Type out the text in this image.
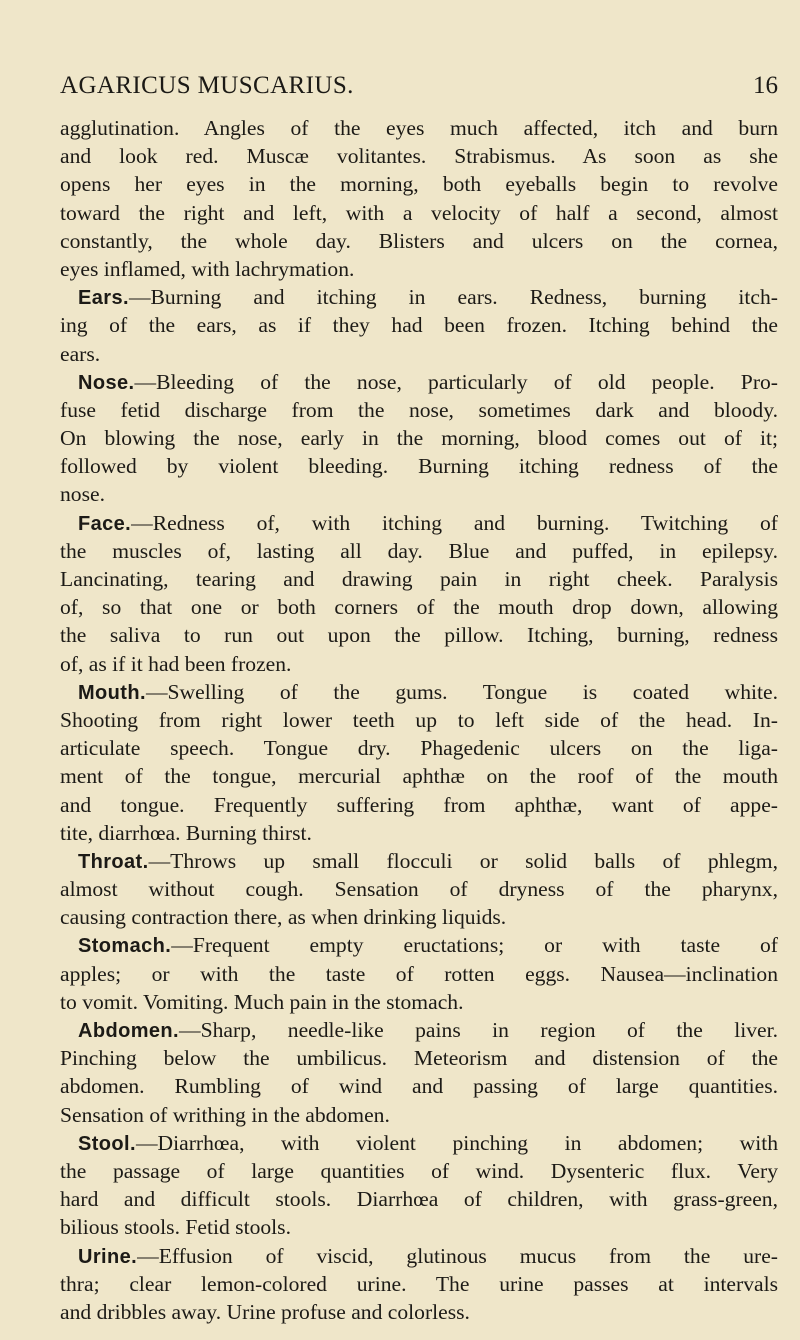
AGARICUS MUSCARIUS.	16
agglutination. Angles of the eyes much affected, itch and burn
and look red. Muscæ volitantes. Strabismus. As soon as she
opens her eyes in the morning, both eyeballs begin to revolve
toward the right and left, with a velocity of half a second, almost
constantly, the whole day. Blisters and ulcers on the cornea,
eyes inflamed, with lachrymation.
Ears.—Burning and itching in ears. Redness, burning itch-
ing of the ears, as if they had been frozen. Itching behind the
ears.
Nose.—Bleeding of the nose, particularly of old people. Pro-
fuse fetid discharge from the nose, sometimes dark and bloody.
On blowing the nose, early in the morning, blood comes out of it;
followed by violent bleeding. Burning itching redness of the
nose.
Face.—Redness of, with itching and burning. Twitching of
the muscles of, lasting all day. Blue and puffed, in epilepsy.
Lancinating, tearing and drawing pain in right cheek. Paralysis
of, so that one or both corners of the mouth drop down, allowing
the saliva to run out upon the pillow. Itching, burning, redness
of, as if it had been frozen.
Mouth.—Swelling of the gums. Tongue is coated white.
Shooting from right lower teeth up to left side of the head. In-
articulate speech. Tongue dry. Phagedenic ulcers on the liga-
ment of the tongue, mercurial aphthæ on the roof of the mouth
and tongue. Frequently suffering from aphthæ, want of appe-
tite, diarrhœa. Burning thirst.
Throat.—Throws up small flocculi or solid balls of phlegm,
almost without cough. Sensation of dryness of the pharynx,
causing contraction there, as when drinking liquids.
Stomach.—Frequent empty eructations; or with taste of
apples; or with the taste of rotten eggs. Nausea—inclination
to vomit. Vomiting. Much pain in the stomach.
Abdomen.—Sharp, needle-like pains in region of the liver.
Pinching below the umbilicus. Meteorism and distension of the
abdomen. Rumbling of wind and passing of large quantities.
Sensation of writhing in the abdomen.
Stool.—Diarrhœa, with violent pinching in abdomen; with
the passage of large quantities of wind. Dysenteric flux. Very
hard and difficult stools. Diarrhœa of children, with grass-green,
bilious stools. Fetid stools.
Urine.—Effusion of viscid, glutinous mucus from the ure-
thra; clear lemon-colored urine. The urine passes at intervals
and dribbles away. Urine profuse and colorless.
